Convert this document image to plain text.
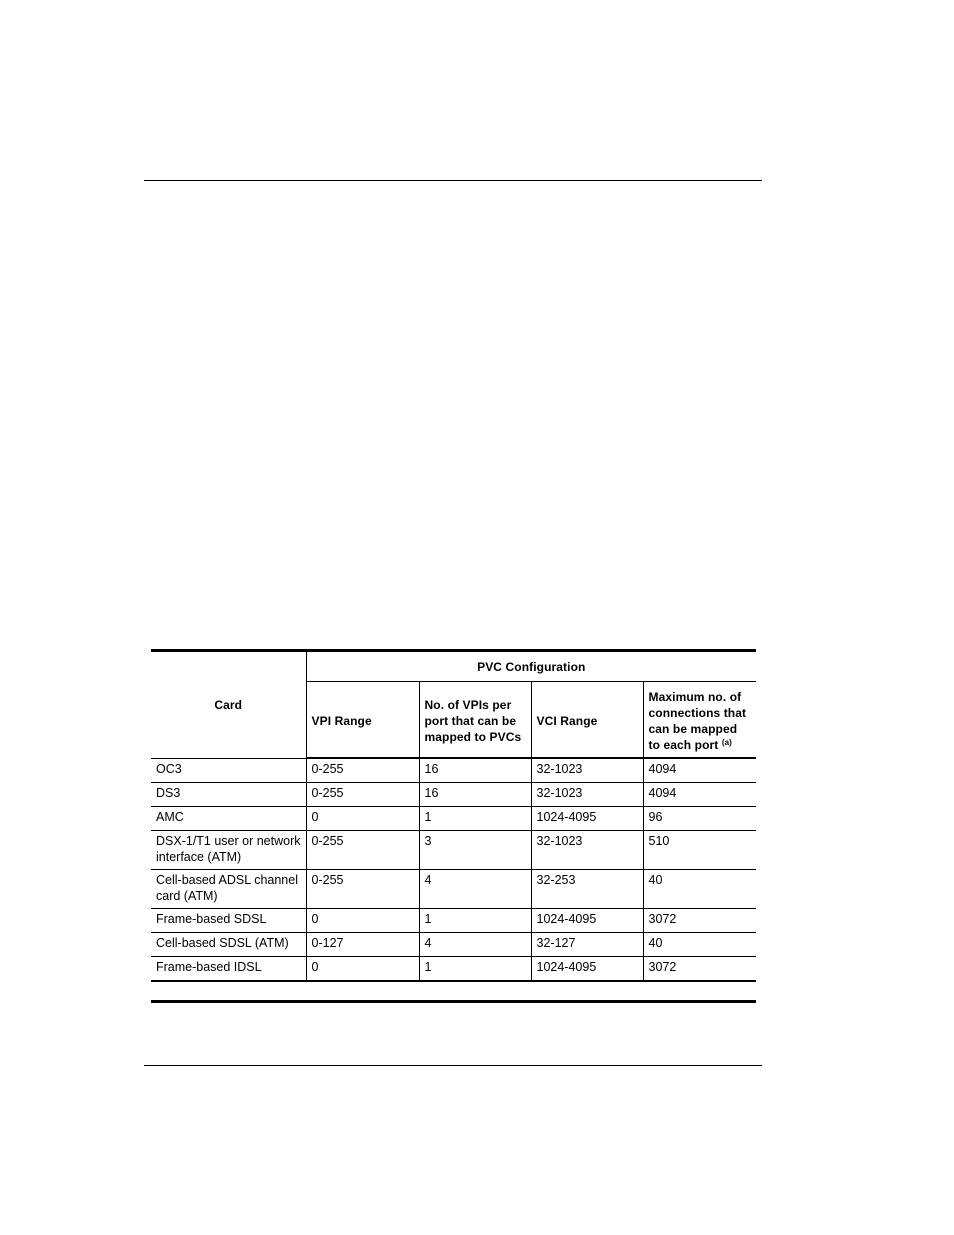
Card	PVC Configuration			
	VPI Range	No. of VPIs per port that can be mapped to PVCs	VCI Range	Maximum no. of connections that can be mapped to each port $^{(a)}$
OC3	0-255	16	32-1023	4094
DS3	0-255	16	32-1023	4094
AMC	0	1	1024-4095	96
DSX-1/T1 user or network interface (ATM)	0-255	3	32-1023	510
Cell-based ADSL channel card (ATM)	0-255	4	32-253	40
Frame-based SDSL	0	1	1024-4095	3072
Cell-based SDSL (ATM)	0-127	4	32-127	40
Frame-based IDSL	0	1	1024-4095	3072
